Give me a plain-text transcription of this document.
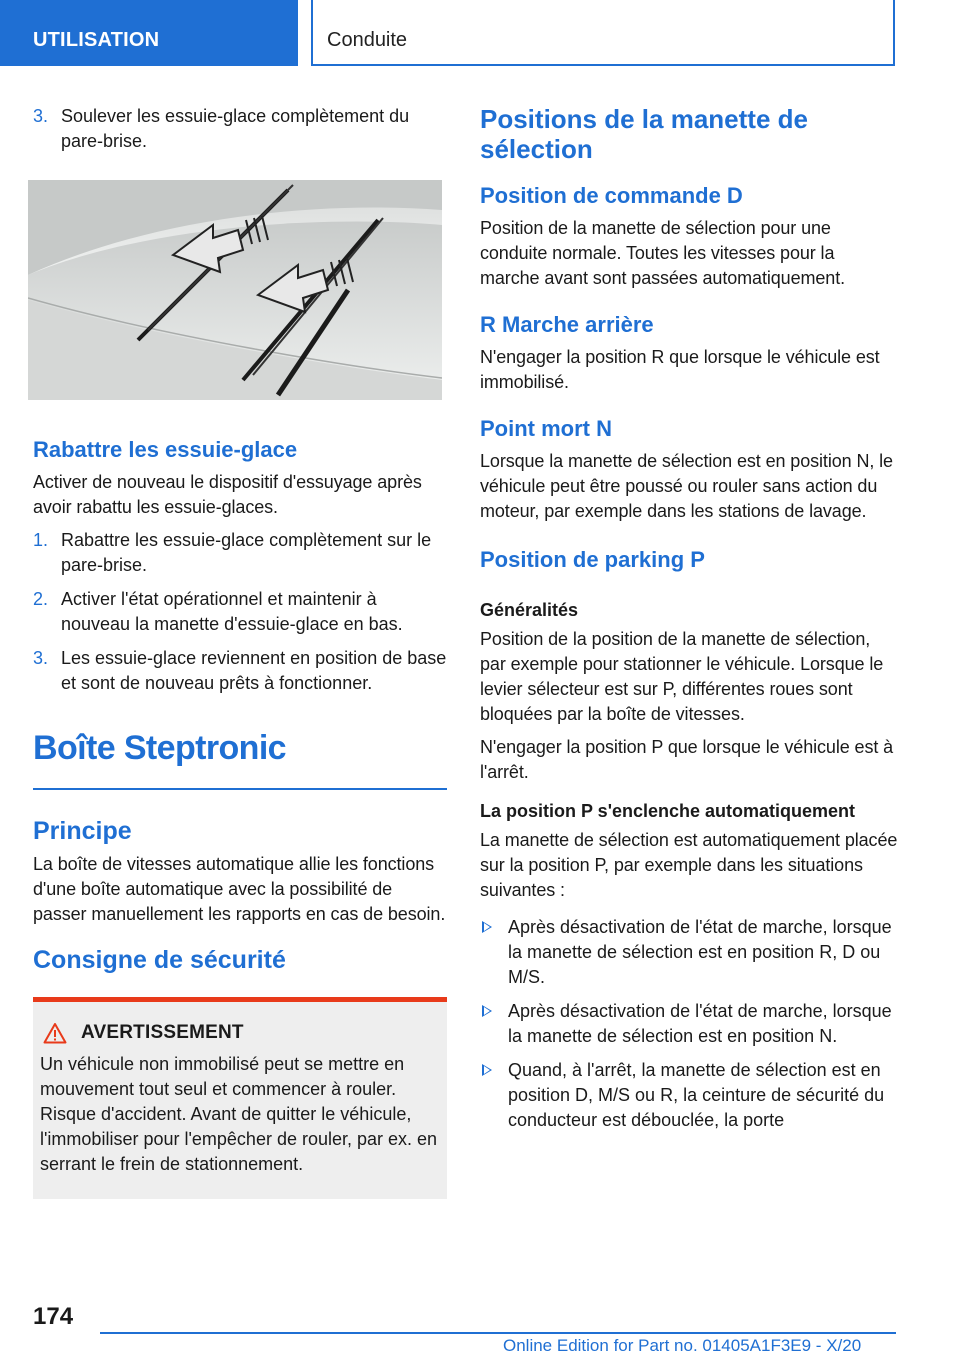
UTILISATION	Conduite
3. Soulever les essuie-glace complètement du pare-brise.
Rabattre les essuie-glace

Activer de nouveau le dispositif d'essuyage après avoir rabattu les essuie-glaces.

1. Rabattre les essuie-glace complètement sur le pare-brise.
2. Activer l'état opérationnel et maintenir à nouveau la manette d'essuie-glace en bas.
3. Les essuie-glace reviennent en position de base et sont de nouveau prêts à fonctionner.
Boîte Steptronic
Principe

La boîte de vitesses automatique allie les fonctions d'une boîte automatique avec la possibilité de passer manuellement les rapports en cas de besoin.

Consigne de sécurité
AVERTISSEMENT

Un véhicule non immobilisé peut se mettre en mouvement tout seul et commencer à rouler. Risque d'accident. Avant de quitter le véhicule, l'immobiliser pour l'empêcher de rouler, par ex. en serrant le frein de stationnement.

Positions de la manette de sélection
Position de commande D

Position de la manette de sélection pour une conduite normale. Toutes les vitesses pour la marche avant sont passées automatiquement.

R Marche arrière

N'engager la position R que lorsque le véhicule est immobilisé.

Point mort N

Lorsque la manette de sélection est en position N, le véhicule peut être poussé ou rouler sans action du moteur, par exemple dans les stations de lavage.

Position de parking P
Généralités

Position de la position de la manette de sélection, par exemple pour stationner le véhicule. Lorsque le levier sélecteur est sur P, différentes roues sont bloquées par la boîte de vitesses.

N'engager la position P que lorsque le véhicule est à l'arrêt.

La position P s'enclenche automatiquement

La manette de sélection est automatiquement placée sur la position P, par exemple dans les situations suivantes :

Après désactivation de l'état de marche, lorsque la manette de sélection est en position R, D ou M/S.
Après désactivation de l'état de marche, lorsque la manette de sélection est en position N.
Quand, à l'arrêt, la manette de sélection est en position D, M/S ou R, la ceinture de sécurité du conducteur est débouclée, la porte
174
Online Edition for Part no. 01405A1F3E9 - X/20
